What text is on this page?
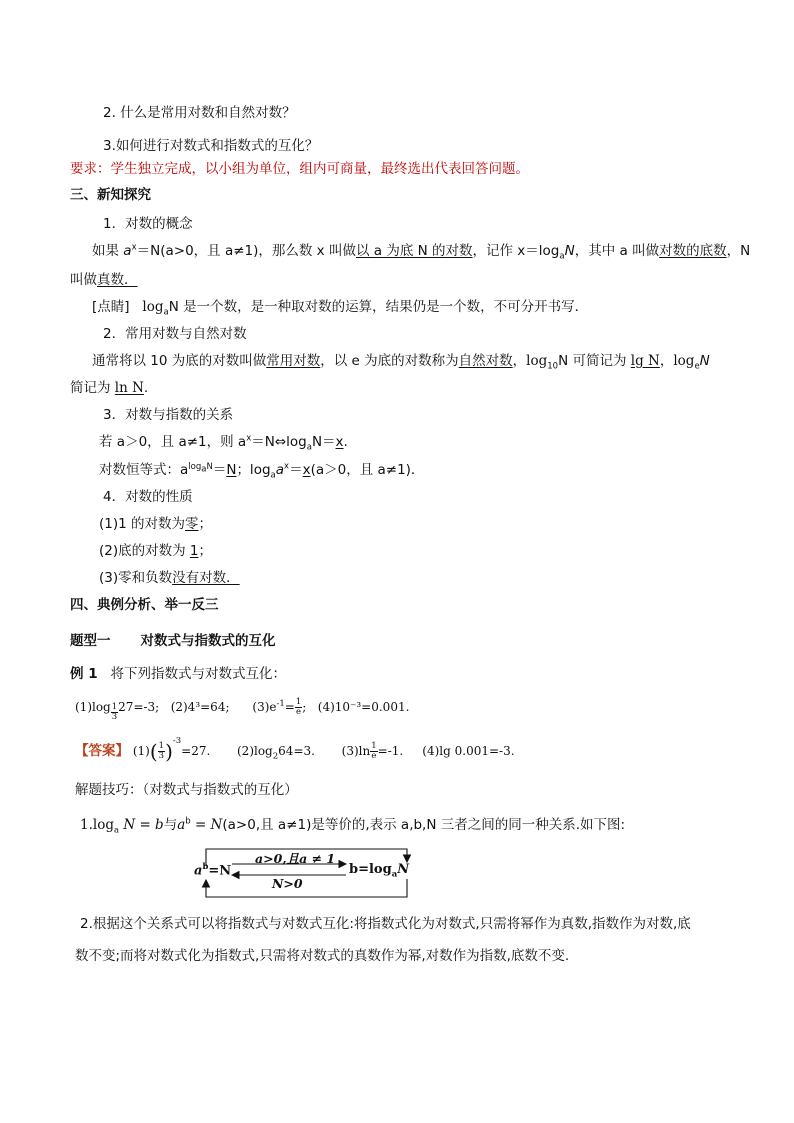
2. 什么是常用对数和自然对数？
3.如何进行对数式和指数式的互化？
要求：学生独立完成，以小组为单位，组内可商量，最终选出代表回答问题。
三、新知探究
1．对数的概念
如果 $a^x=N(a>0$，且 a≠1)，那么数 x 叫做以 a 为底 N 的对数，记作 $x=\log_aN$，其中 a 叫做对数的底数，N
叫做真数．
[点睛] $\log_aN$ 是一个数，是一种取对数的运算，结果仍是一个数，不可分开书写．
2．常用对数与自然对数
通常将以 10 为底的对数叫做常用对数，以 e 为底的对数称为自然对数，$\log_{10}N$ 可简记为 lg N，$\log_eN$
简记为 ln N.
3．对数与指数的关系
若 a＞0，且 a≠1，则 $a^x=N\Leftrightarrow\log_aN=x$.
对数恒等式：$a^{log_aN}=N$；$\log_aa^x=x(a>0$，且 a≠1)．
4．对数的性质
(1)1 的对数为零；
(2)底的对数为 1；
(3)零和负数没有对数．
四、典例分析、举一反三
题型一 对数式与指数式的互化
例 1 将下列指数式与对数式互化：
$(1)\log \frac{1}{3} 27=-3$; (2)4³=64; $(3)e^{-1}= \frac{1}{e}$ ; (4)10⁻³=0.001.
【答案】 $(1)( \frac{1}{3} )^{-3}=27$. $(2)\log_264=3$. $(3)\ln \frac{1}{e} =-1$. (4)lg 0.001=-3.
解题技巧：（对数式与指数式的互化）
$1.\log_a$ N = b与$a^b = N(a>0$,且 a≠1)是等价的,表示 a,b,N 三者之间的同一种关系.如下图:
$a^b=N$
a>0,且a ≠ 1
N>0
$b=\log_aN$
2.根据这个关系式可以将指数式与对数式互化:将指数式化为对数式,只需将幂作为真数,指数作为对数,底
数不变;而将对数式化为指数式,只需将对数式的真数作为幂,对数作为指数,底数不变.
